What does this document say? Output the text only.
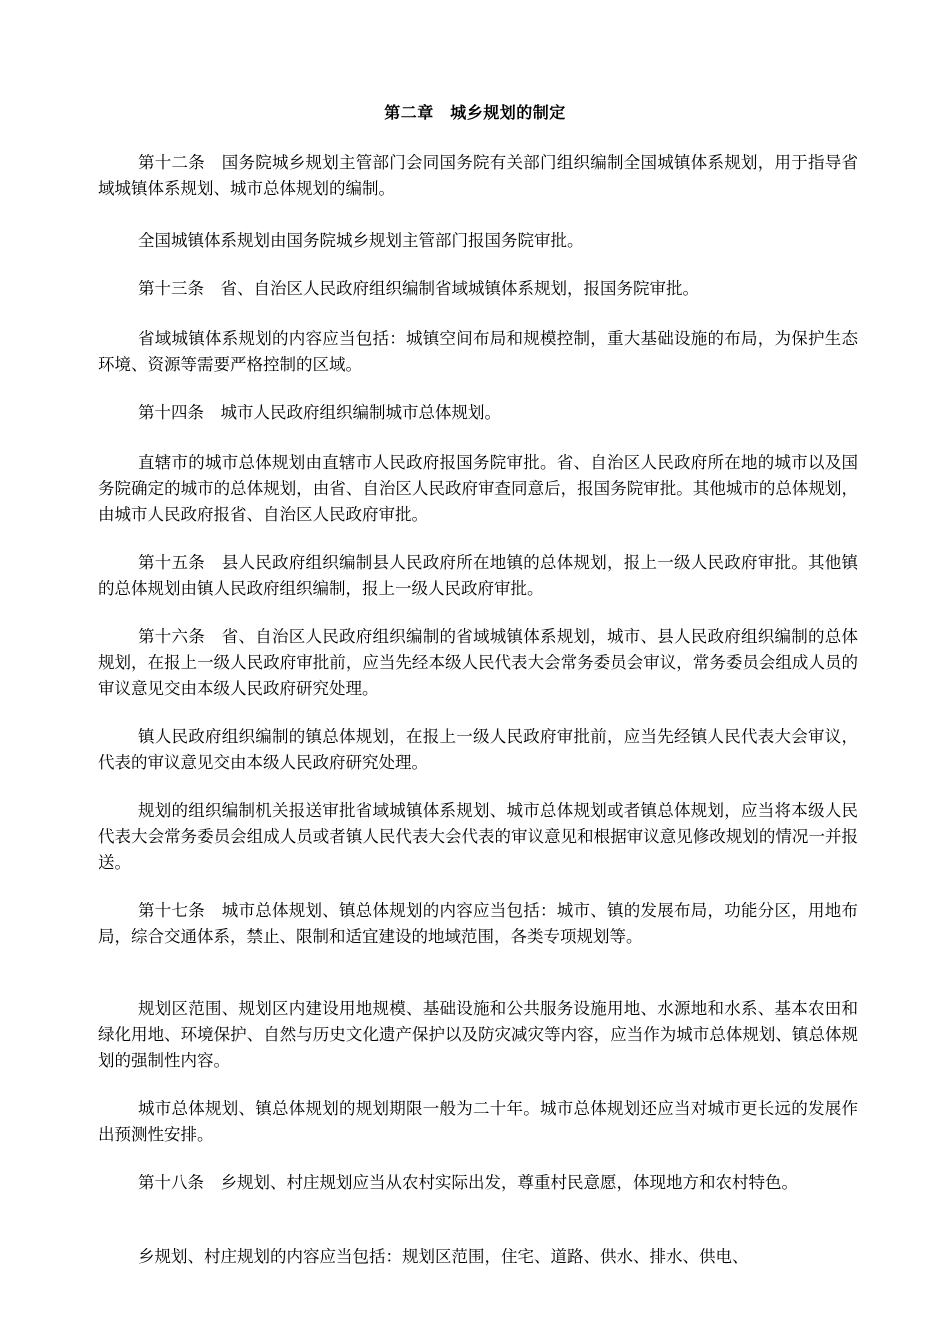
第二章　城乡规划的制定

第十二条　国务院城乡规划主管部门会同国务院有关部门组织编制全国城镇体系规划，用于指导省域城镇体系规划、城市总体规划的编制。

全国城镇体系规划由国务院城乡规划主管部门报国务院审批。

第十三条　省、自治区人民政府组织编制省域城镇体系规划，报国务院审批。

省域城镇体系规划的内容应当包括：城镇空间布局和规模控制，重大基础设施的布局，为保护生态环境、资源等需要严格控制的区域。

第十四条　城市人民政府组织编制城市总体规划。

直辖市的城市总体规划由直辖市人民政府报国务院审批。省、自治区人民政府所在地的城市以及国务院确定的城市的总体规划，由省、自治区人民政府审查同意后，报国务院审批。其他城市的总体规划，由城市人民政府报省、自治区人民政府审批。

第十五条　县人民政府组织编制县人民政府所在地镇的总体规划，报上一级人民政府审批。其他镇的总体规划由镇人民政府组织编制，报上一级人民政府审批。

第十六条　省、自治区人民政府组织编制的省域城镇体系规划，城市、县人民政府组织编制的总体规划，在报上一级人民政府审批前，应当先经本级人民代表大会常务委员会审议，常务委员会组成人员的审议意见交由本级人民政府研究处理。

镇人民政府组织编制的镇总体规划，在报上一级人民政府审批前，应当先经镇人民代表大会审议，代表的审议意见交由本级人民政府研究处理。

规划的组织编制机关报送审批省域城镇体系规划、城市总体规划或者镇总体规划，应当将本级人民代表大会常务委员会组成人员或者镇人民代表大会代表的审议意见和根据审议意见修改规划的情况一并报送。

第十七条　城市总体规划、镇总体规划的内容应当包括：城市、镇的发展布局，功能分区，用地布局，综合交通体系，禁止、限制和适宜建设的地域范围，各类专项规划等。

规划区范围、规划区内建设用地规模、基础设施和公共服务设施用地、水源地和水系、基本农田和绿化用地、环境保护、自然与历史文化遗产保护以及防灾减灾等内容，应当作为城市总体规划、镇总体规划的强制性内容。

城市总体规划、镇总体规划的规划期限一般为二十年。城市总体规划还应当对城市更长远的发展作出预测性安排。

第十八条　乡规划、村庄规划应当从农村实际出发，尊重村民意愿，体现地方和农村特色。

乡规划、村庄规划的内容应当包括：规划区范围，住宅、道路、供水、排水、供电、
